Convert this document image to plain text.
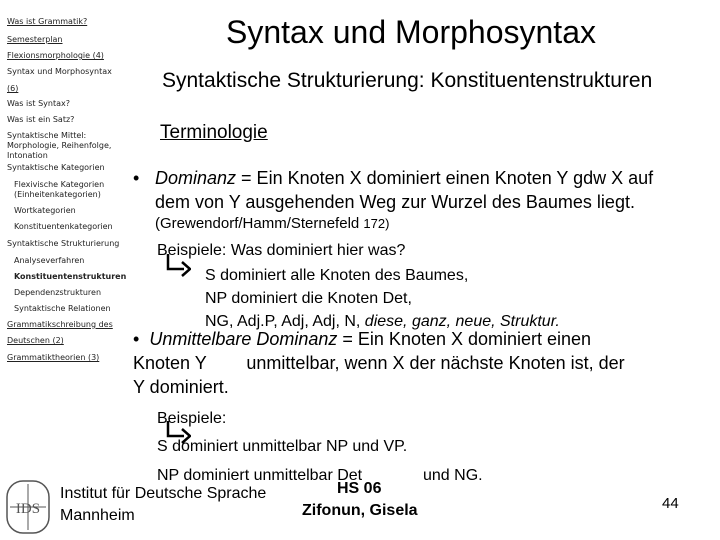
Was ist Grammatik?
Semesterplan
Flexionsmorphologie (4)
Syntax und Morphosyntax
(6)
Was ist Syntax?
Was ist ein Satz?
Syntaktische Mittel: Morphologie, Reihenfolge, Intonation
Syntaktische Kategorien
Flexivische Kategorien (Einheitenkategorien)
Wortkategorien
Konstituentenkategorien
Syntaktische Strukturierung
Analyseverfahren
Konstituentenstrukturen
Dependenzstrukturen
Syntaktische Relationen
Grammatikschreibung des
Deutschen (2)
Grammatiktheorien (3)
Syntax und Morphosyntax
Syntaktische Strukturierung: Konstituentenstrukturen
Terminologie
• Dominanz = Ein Knoten X dominiert einen Knoten Y gdw X auf
dem von Y ausgehenden Weg zur Wurzel des Baumes liegt.
(Grewendorf/Hamm/Sternefeld 172)
Beispiele: Was dominiert hier was?
S dominiert alle Knoten des Baumes,
NP dominiert die Knoten Det,
NG, Adj.P, Adj, Adj, N, diese, ganz, neue, Struktur.
• Unmittelbare Dominanz = Ein Knoten X dominiert einen
Knoten Y        unmittelbar, wenn X der nächste Knoten ist, der
Y dominiert.
Beispiele:
S dominiert unmittelbar NP und VP.
NP dominiert unmittelbar Det	und NG.
IDS
Institut für Deutsche Sprache
Mannheim
HS 06
Zifonun, Gisela	44
